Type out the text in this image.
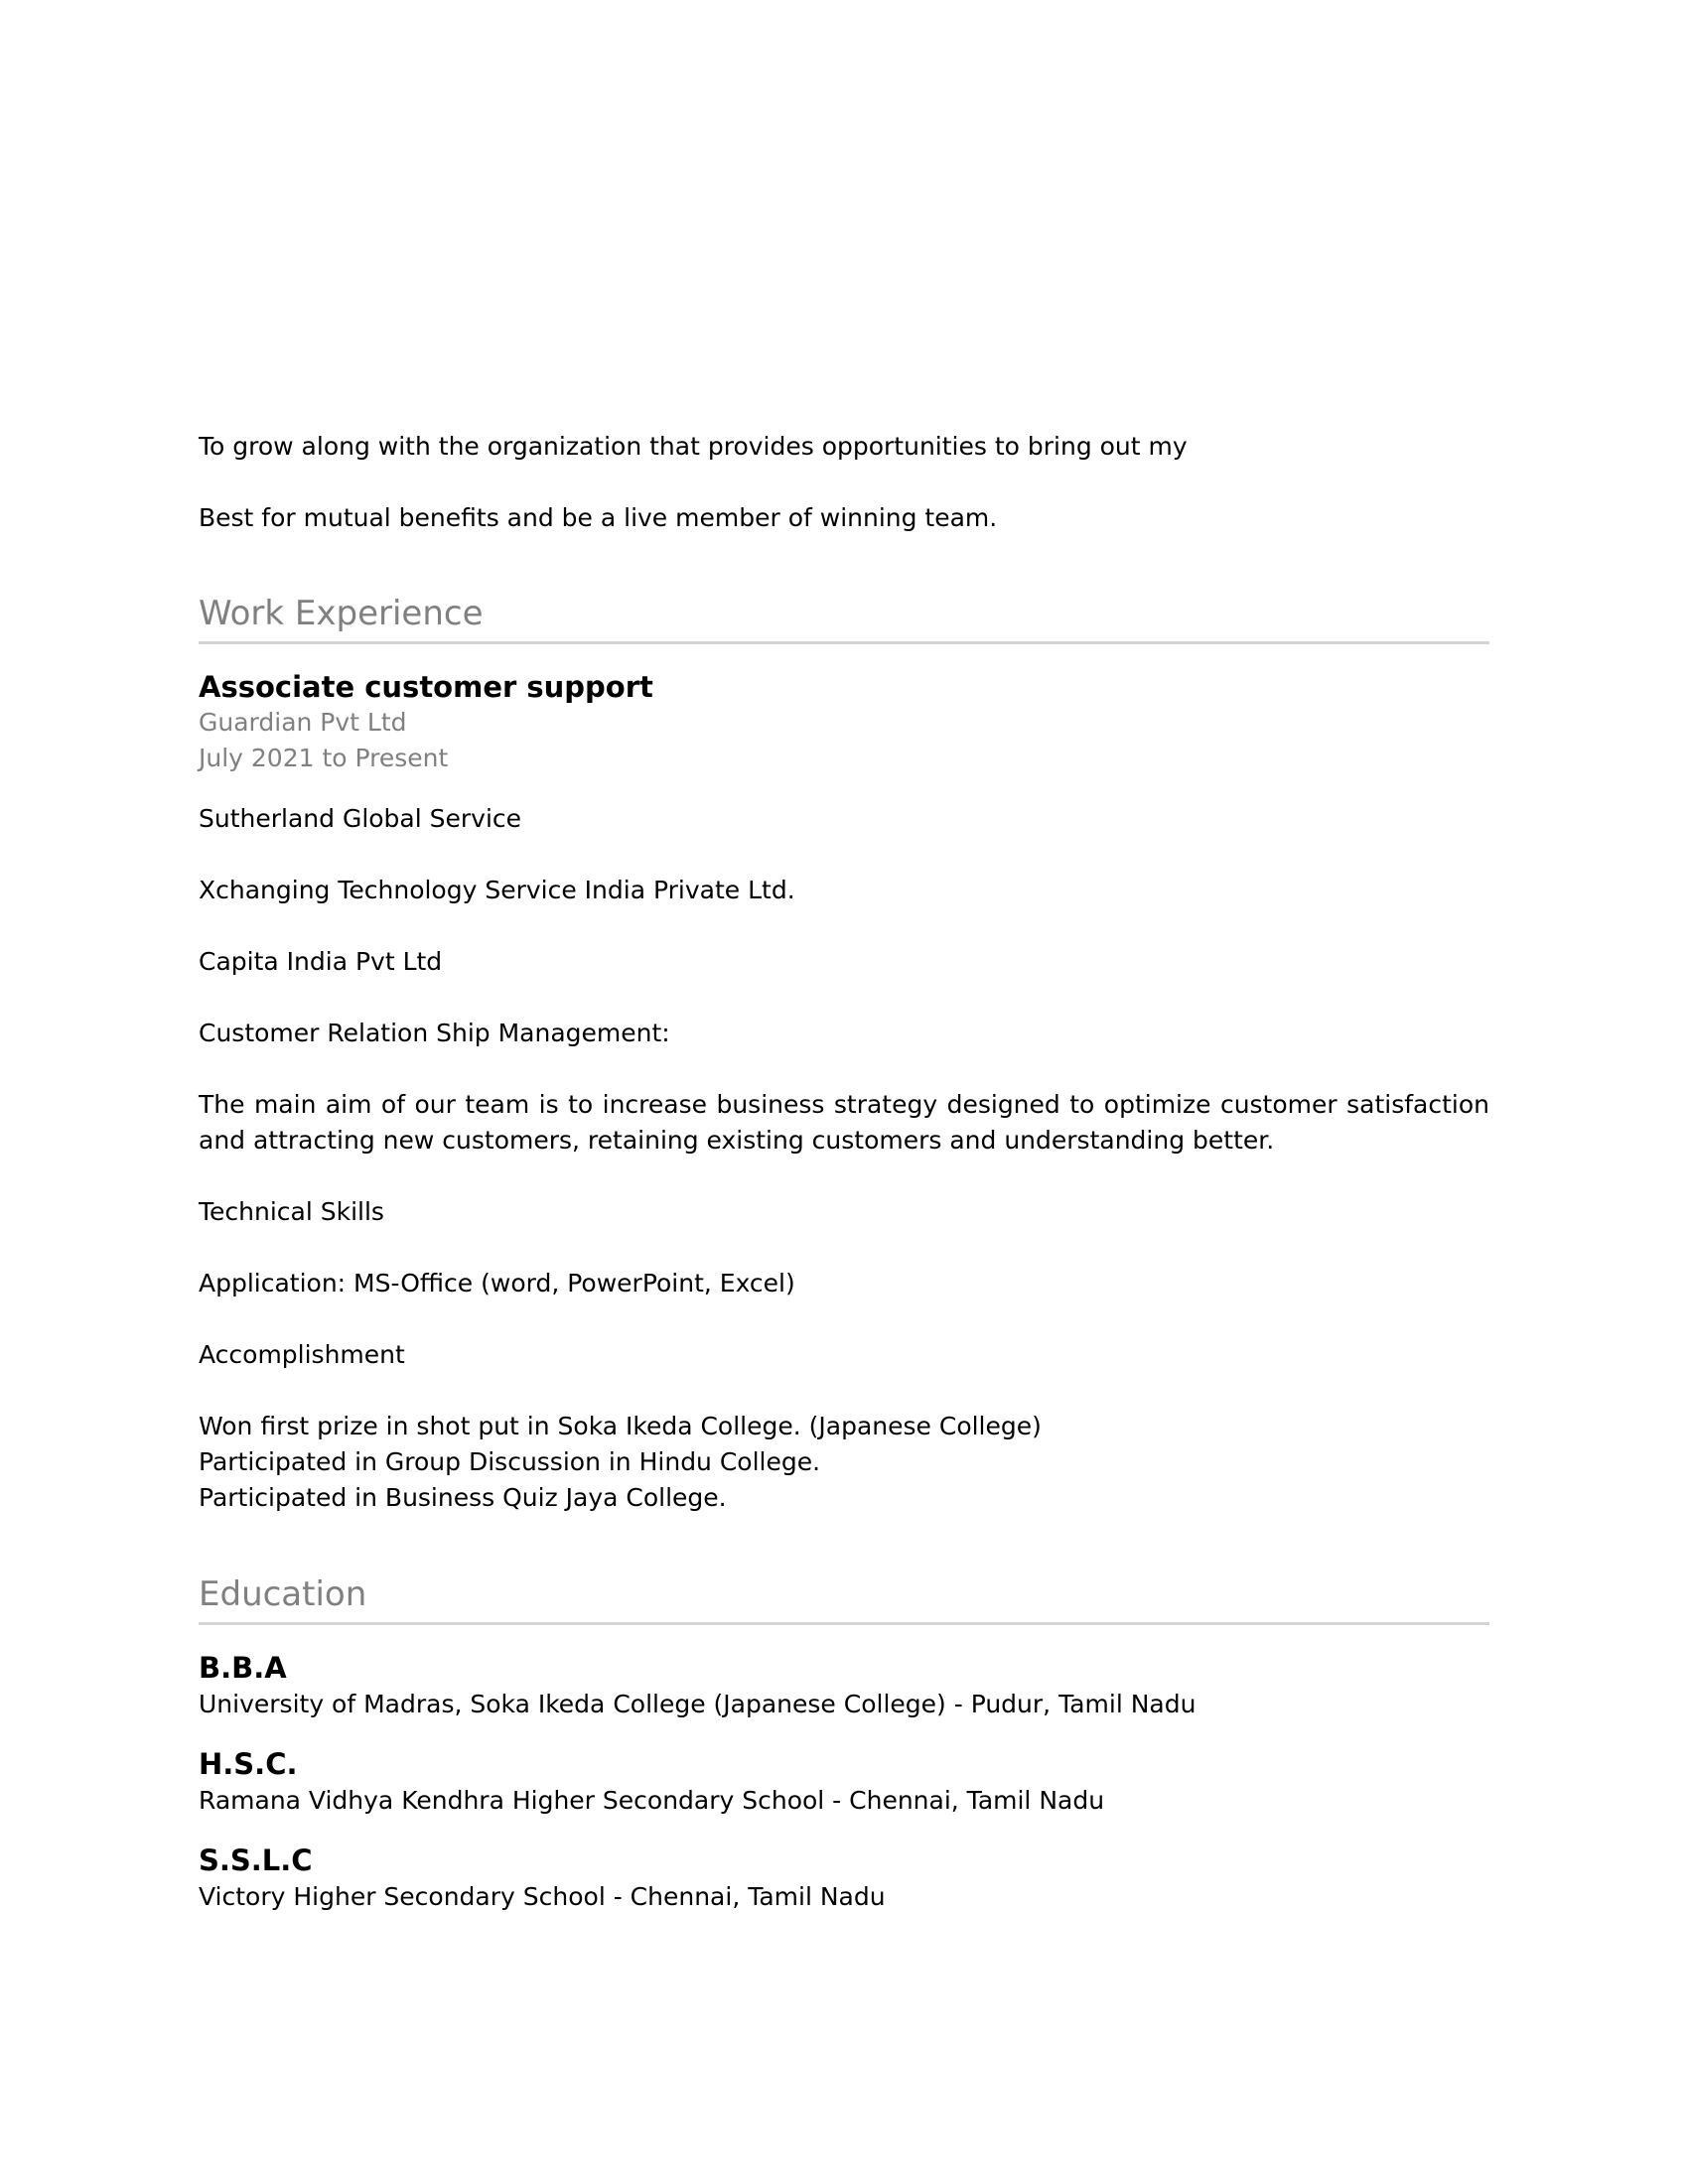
To grow along with the organization that provides opportunities to bring out my

Best for mutual benefits and be a live member of winning team.

Work Experience
Associate customer support
Guardian Pvt Ltd
July 2021 to Present

Sutherland Global Service

Xchanging Technology Service India Private Ltd.

Capita India Pvt Ltd

Customer Relation Ship Management:

The main aim of our team is to increase business strategy designed to optimize customer satisfaction and attracting new customers, retaining existing customers and understanding better.

Technical Skills

Application: MS-Office (word, PowerPoint, Excel)

Accomplishment

Won first prize in shot put in Soka Ikeda College. (Japanese College)

Participated in Group Discussion in Hindu College.

Participated in Business Quiz Jaya College.

Education
B.B.A
University of Madras, Soka Ikeda College (Japanese College) - Pudur, Tamil Nadu
H.S.C.
Ramana Vidhya Kendhra Higher Secondary School - Chennai, Tamil Nadu
S.S.L.C
Victory Higher Secondary School - Chennai, Tamil Nadu
